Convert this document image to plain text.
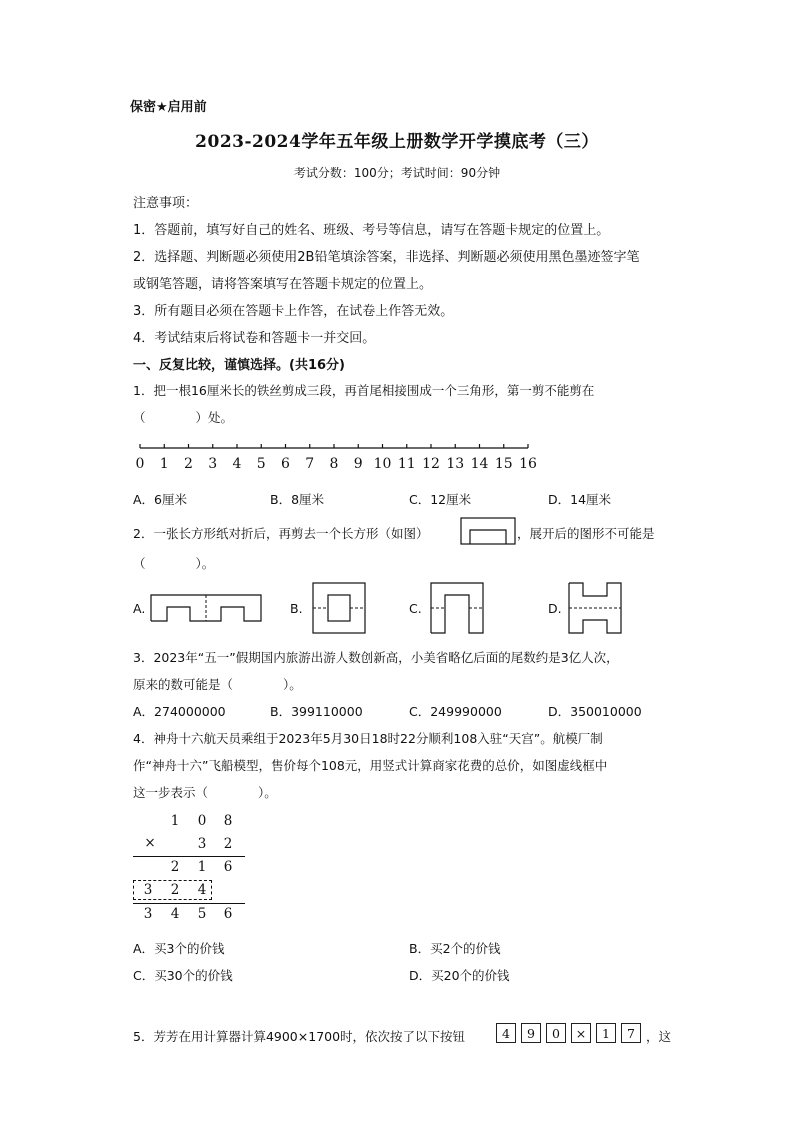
保密★启用前
2023-2024学年五年级上册数学开学摸底考（三）
考试分数：100分；考试时间：90分钟
注意事项：
1．答题前，填写好自己的姓名、班级、考号等信息，请写在答题卡规定的位置上。
2．选择题、判断题必须使用2B铅笔填涂答案，非选择、判断题必须使用黑色墨迹签字笔
或钢笔答题，请将答案填写在答题卡规定的位置上。
3．所有题目必须在答题卡上作答，在试卷上作答无效。
4．考试结束后将试卷和答题卡一并交回。
一、反复比较，谨慎选择。(共16分)
1．把一根16厘米长的铁丝剪成三段，再首尾相接围成一个三角形，第一剪不能剪在
（　　　　）处。
0 1 2 3 4 5 6 7 8 9 10 11 12 13 14 15 16
A．6厘米	B．8厘米	C．12厘米	D．14厘米
2．一张长方形纸对折后，再剪去一个长方形（如图）	，展开后的图形不可能是
（　　　　）。
A.	B.	C.	D.
3．2023年“五一”假期国内旅游出游人数创新高，小美省略亿后面的尾数约是3亿人次，
原来的数可能是（　　　　）。
A．274000000	B．399110000	C．249990000	D．350010000
4．神舟十六航天员乘组于2023年5月30日18时22分顺利108入驻“天宫”。航模厂制
作“神舟十六”飞船模型，售价每个108元，用竖式计算商家花费的总价，如图虚线框中
这一步表示（　　　　）。
1 0 8
×	3 2
2 1 6
3 2 4
3 4 5 6
A．买3个的价钱	B．买2个的价钱
C．买30个的价钱	D．买20个的价钱
5．芳芳在用计算器计算4900×1700时，依次按了以下按钮	4	9	0	×	1	7 ，这
